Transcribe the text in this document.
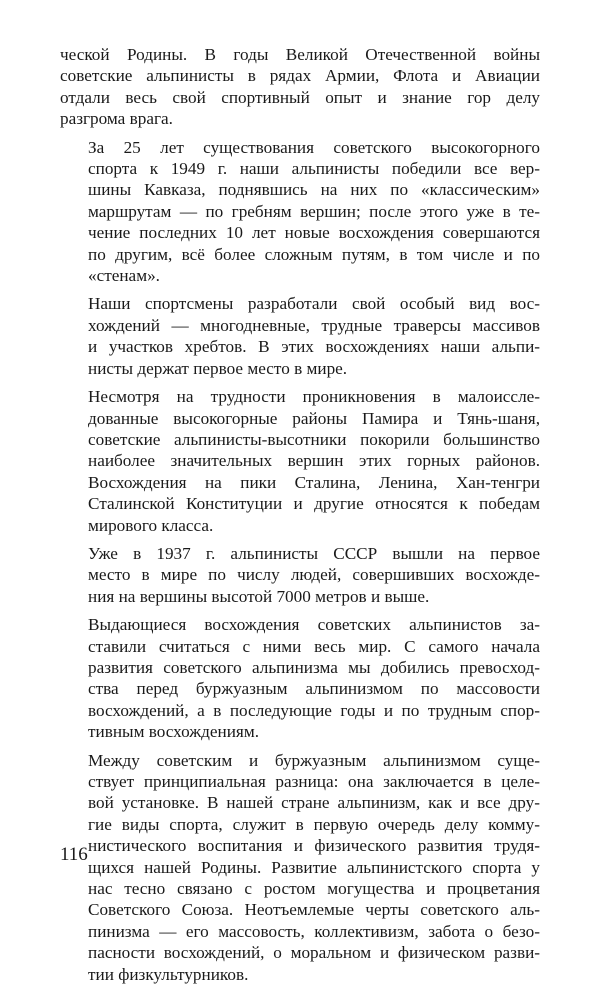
ческой Родины. В годы Великой Отечественной войны
советские альпинисты в рядах Армии, Флота и Авиации
отдали весь свой спортивный опыт и знание гор делу
разгрома врага.
За 25 лет существования советского высокогорного
спорта к 1949 г. наши альпинисты победили все вер-
шины Кавказа, поднявшись на них по «классическим»
маршрутам — по гребням вершин; после этого уже в те-
чение последних 10 лет новые восхождения совершаются
по другим, всё более сложным путям, в том числе и по
«стенам».
Наши спортсмены разработали свой особый вид вос-
хождений — многодневные, трудные траверсы массивов
и участков хребтов. В этих восхождениях наши альпи-
нисты держат первое место в мире.
Несмотря на трудности проникновения в малоиссле-
дованные высокогорные районы Памира и Тянь-шаня,
советские альпинисты-высотники покорили большинство
наиболее значительных вершин этих горных районов.
Восхождения на пики Сталина, Ленина, Хан-тенгри
Сталинской Конституции и другие относятся к победам
мирового класса.
Уже в 1937 г. альпинисты СССР вышли на первое
место в мире по числу людей, совершивших восхожде-
ния на вершины высотой 7000 метров и выше.
Выдающиеся восхождения советских альпинистов за-
ставили считаться с ними весь мир. С самого начала
развития советского альпинизма мы добились превосход-
ства перед буржуазным альпинизмом по массовости
восхождений, а в последующие годы и по трудным спор-
тивным восхождениям.
Между советским и буржуазным альпинизмом суще-
ствует принципиальная разница: она заключается в целе-
вой установке. В нашей стране альпинизм, как и все дру-
гие виды спорта, служит в первую очередь делу комму-
нистического воспитания и физического развития трудя-
щихся нашей Родины. Развитие альпинистского спорта у
нас тесно связано с ростом могущества и процветания
Советского Союза. Неотъемлемые черты советского аль-
пинизма — его массовость, коллективизм, забота о безо-
пасности восхождений, о моральном и физическом разви-
тии физкультурников.
116
